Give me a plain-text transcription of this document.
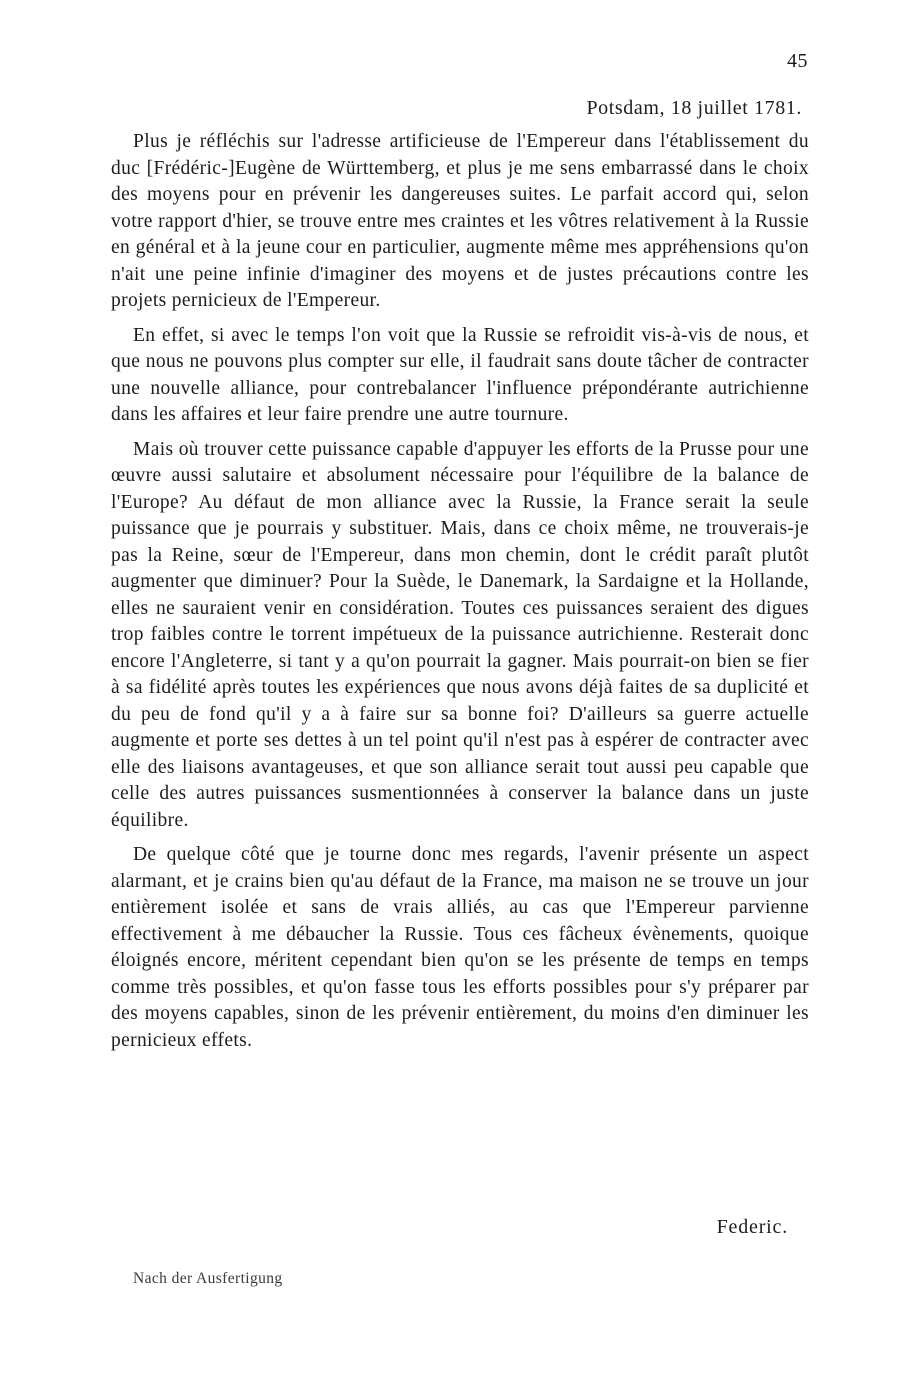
45
Potsdam, 18 juillet 1781.

Plus je réfléchis sur l'adresse artificieuse de l'Empereur dans l'établissement du duc [Frédéric-]Eugène de Württemberg, et plus je me sens embarrassé dans le choix des moyens pour en prévenir les dangereuses suites. Le parfait accord qui, selon votre rapport d'hier, se trouve entre mes craintes et les vôtres relativement à la Russie en général et à la jeune cour en particulier, augmente même mes appréhensions qu'on n'ait une peine infinie d'imaginer des moyens et de justes précautions contre les projets pernicieux de l'Empereur.

En effet, si avec le temps l'on voit que la Russie se refroidit vis-à-vis de nous, et que nous ne pouvons plus compter sur elle, il faudrait sans doute tâcher de contracter une nouvelle alliance, pour contrebalancer l'influence prépondérante autrichienne dans les affaires et leur faire prendre une autre tournure.

Mais où trouver cette puissance capable d'appuyer les efforts de la Prusse pour une œuvre aussi salutaire et absolument nécessaire pour l'équilibre de la balance de l'Europe? Au défaut de mon alliance avec la Russie, la France serait la seule puissance que je pourrais y substituer. Mais, dans ce choix même, ne trouverais-je pas la Reine, sœur de l'Empereur, dans mon chemin, dont le crédit paraît plutôt augmenter que diminuer? Pour la Suède, le Danemark, la Sardaigne et la Hollande, elles ne sauraient venir en considération. Toutes ces puissances seraient des digues trop faibles contre le torrent impétueux de la puissance autrichienne. Resterait donc encore l'Angleterre, si tant y a qu'on pourrait la gagner. Mais pourrait-on bien se fier à sa fidélité après toutes les expériences que nous avons déjà faites de sa duplicité et du peu de fond qu'il y a à faire sur sa bonne foi? D'ailleurs sa guerre actuelle augmente et porte ses dettes à un tel point qu'il n'est pas à espérer de contracter avec elle des liaisons avantageuses, et que son alliance serait tout aussi peu capable que celle des autres puissances susmentionnées à conserver la balance dans un juste équilibre.

De quelque côté que je tourne donc mes regards, l'avenir présente un aspect alarmant, et je crains bien qu'au défaut de la France, ma maison ne se trouve un jour entièrement isolée et sans de vrais alliés, au cas que l'Empereur parvienne effectivement à me débaucher la Russie. Tous ces fâcheux évènements, quoique éloignés encore, méritent cependant bien qu'on se les présente de temps en temps comme très possibles, et qu'on fasse tous les efforts possibles pour s'y préparer par des moyens capables, sinon de les prévenir entièrement, du moins d'en diminuer les pernicieux effets.

Federic.
Nach der Ausfertigung
